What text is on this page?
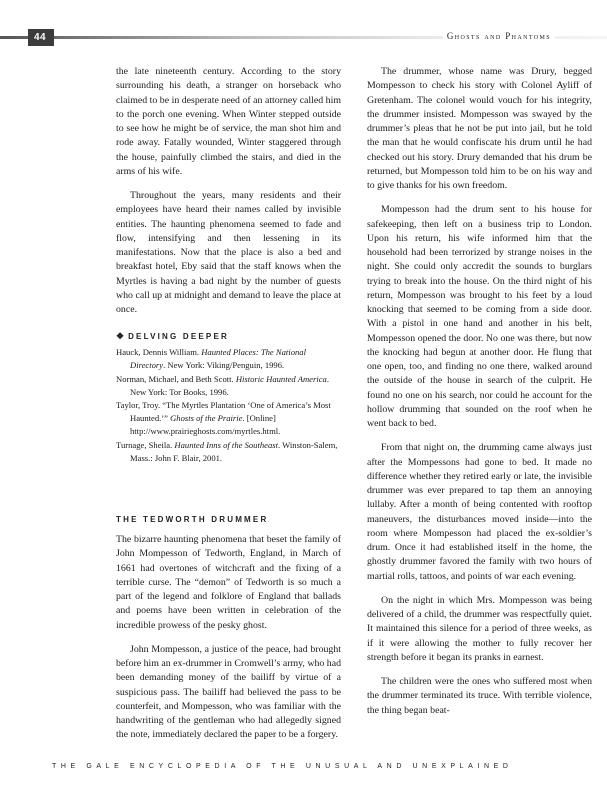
44	Ghosts and Phantoms

the late nineteenth century. According to the story surrounding his death, a stranger on horseback who claimed to be in desperate need of an attorney called him to the porch one evening. When Winter stepped outside to see how he might be of service, the man shot him and rode away. Fatally wounded, Winter staggered through the house, painfully climbed the stairs, and died in the arms of his wife.

Throughout the years, many residents and their employees have heard their names called by invisible entities. The haunting phenomena seemed to fade and flow, intensifying and then lessening in its manifestations. Now that the place is also a bed and breakfast hotel, Eby said that the staff knows when the Myrtles is having a bad night by the number of guests who call up at midnight and demand to leave the place at once.

❖ DELVING DEEPER
Hauck, Dennis William. Haunted Places: The National Directory. New York: Viking/Penguin, 1996.
Norman, Michael, and Beth Scott. Historic Haunted America. New York: Tor Books, 1996.
Taylor, Troy. “The Myrtles Plantation ‘One of America’s Most Haunted.’” Ghosts of the Prairie. [Online] http://www.prairieghosts.com/myrtles.html.
Turnage, Sheila. Haunted Inns of the Southeast. Winston-Salem, Mass.: John F. Blair, 2001.
THE TEDWORTH DRUMMER

The bizarre haunting phenomena that beset the family of John Mompesson of Tedworth, England, in March of 1661 had overtones of witchcraft and the fixing of a terrible curse. The “demon” of Tedworth is so much a part of the legend and folklore of England that ballads and poems have been written in celebration of the incredible prowess of the pesky ghost.

John Mompesson, a justice of the peace, had brought before him an ex-drummer in Cromwell’s army, who had been demanding money of the bailiff by virtue of a suspicious pass. The bailiff had believed the pass to be counterfeit, and Mompesson, who was familiar with the handwriting of the gentleman who had allegedly signed the note, immediately declared the paper to be a forgery.

The drummer, whose name was Drury, begged Mompesson to check his story with Colonel Ayliff of Gretenham. The colonel would vouch for his integrity, the drummer insisted. Mompesson was swayed by the drummer’s pleas that he not be put into jail, but he told the man that he would confiscate his drum until he had checked out his story. Drury demanded that his drum be returned, but Mompesson told him to be on his way and to give thanks for his own freedom.

Mompesson had the drum sent to his house for safekeeping, then left on a business trip to London. Upon his return, his wife informed him that the household had been terrorized by strange noises in the night. She could only accredit the sounds to burglars trying to break into the house. On the third night of his return, Mompesson was brought to his feet by a loud knocking that seemed to be coming from a side door. With a pistol in one hand and another in his belt, Mompesson opened the door. No one was there, but now the knocking had begun at another door. He flung that one open, too, and finding no one there, walked around the outside of the house in search of the culprit. He found no one on his search, nor could he account for the hollow drumming that sounded on the roof when he went back to bed.

From that night on, the drumming came always just after the Mompessons had gone to bed. It made no difference whether they retired early or late, the invisible drummer was ever prepared to tap them an annoying lullaby. After a month of being contented with rooftop maneuvers, the disturbances moved inside—into the room where Mompesson had placed the ex-soldier’s drum. Once it had established itself in the home, the ghostly drummer favored the family with two hours of martial rolls, tattoos, and points of war each evening.

On the night in which Mrs. Mompesson was being delivered of a child, the drummer was respectfully quiet. It maintained this silence for a period of three weeks, as if it were allowing the mother to fully recover her strength before it began its pranks in earnest.

The children were the ones who suffered most when the drummer terminated its truce. With terrible violence, the thing began beat-

THE GALE ENCYCLOPEDIA OF THE UNUSUAL AND UNEXPLAINED
